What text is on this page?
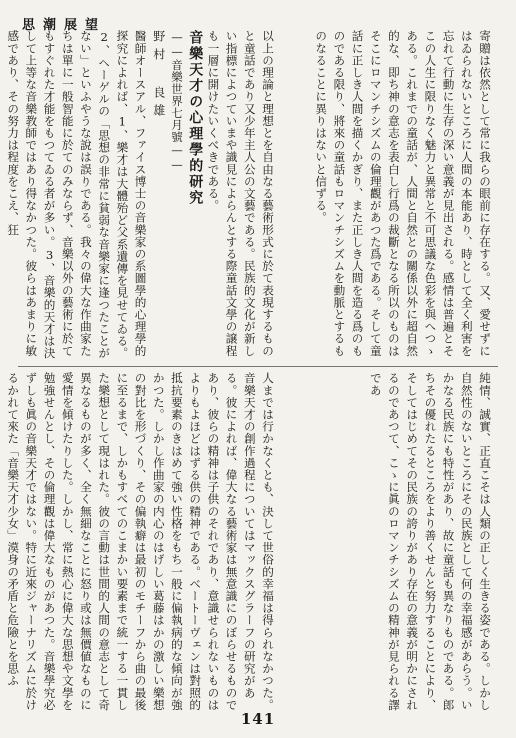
思潮展望

寄贈は依然として常に我らの眼前に存在する。又、愛せずにはゐられないところに人間の本能あり、時として全く利害を忘れて行動に生存の深い意義が見出される。感情は普遍とそこの人生に限りなく魅力と異常と不可思議な色彩を與へつゝある。これまでの童話が、人間と自然との關係以外に超自然的な、即ち神の意志を表白し行爲の裁斷となる所以のものはそこにロマンチシズムの倫理觀があつた爲である。そして童話に正しき人間を描くかぎり、また正しき人間を造る爲のものである限り、將來の童話もロマンチシズムを動脈とするものなることに異りはないと信ずる。

以上の理論と理想とを自由なる藝術形式に於て表現するものと童話であり又少年主人公の文藝である。民族的文化が新しい指標によつていまや識見によらんとする際童話文學の譲程も一層に開けたいくべきである。

音樂天才の心理學的研究

——音樂世界七月號——

野村 良雄

醫師オースアル、ファイス博士の音樂家の系圖學的心理學的探究によれば、1、樂才は大體殆ど父系遺傳を見せてゐる。2、ヘーゲルの「思想の非常に貧弱な音樂家に逢つたことがない」といふやうな說は誤りである。我々の偉大な作曲家たちは單に一般智能に於てのみならず、音樂以外の藝術に於てもすぐれた才能をもつてゐる者が多い。3、音樂的天才は決して上等な音樂教師ではあり得なかつた。彼らはあまりに敏感であり、その努力は程度をこえ、狂

純情、誠實、正直こそは人類の正しく生きる姿である。しかし自然性のないところにその民族として何の幸福感があらう。いかなる民族にも特性があり、故に童話も異なりものである。郎ちその優れたるところをより善くせんと努力することにより、そしてはじめてその民族の誇りがあり存在の意義が明かにされるのであつて、こゝに眞のロマンチシズムの精神が見られる譯であ

人までは行かなくとも、決して世俗的幸福は得られなかつた。音樂天才の創作過程についてはマックスグラーフの研究がある。彼によれば、偉大なる藝術家は無意識にのぼらせるものであり、彼らの精神は子供のそれであり、意識せられないものはよりもよほどはずる供の精神である。ベートーヴェンは對照的抵抗要素のきはめて強い性格をもち一般に偏執病的な傾向が強かつた。しかし作曲家の内心のはげしい葛藤はかの激しい樂想の對比を形づくり、その偏執癖は最初のモチーフから曲の最後に至るまで、しかもすべてのこまかい要素まで統一する一貫した樂想として現はれた。彼の言動は世間的人間の意志として奇異なるものが多く、全く無細なことに怒り或は無價値なものに愛情を傾けたりした。しかし、常に熱心に偉大な思想や文學を勉強せんとし、その倫理觀は偉大なものがあつた。音樂學究必ずしも眞の音樂天才ではない。特に近來ジャーナリズムに於けるかれて來た「音樂天才少女」漠身の矛盾と危險とを思ふ

141
